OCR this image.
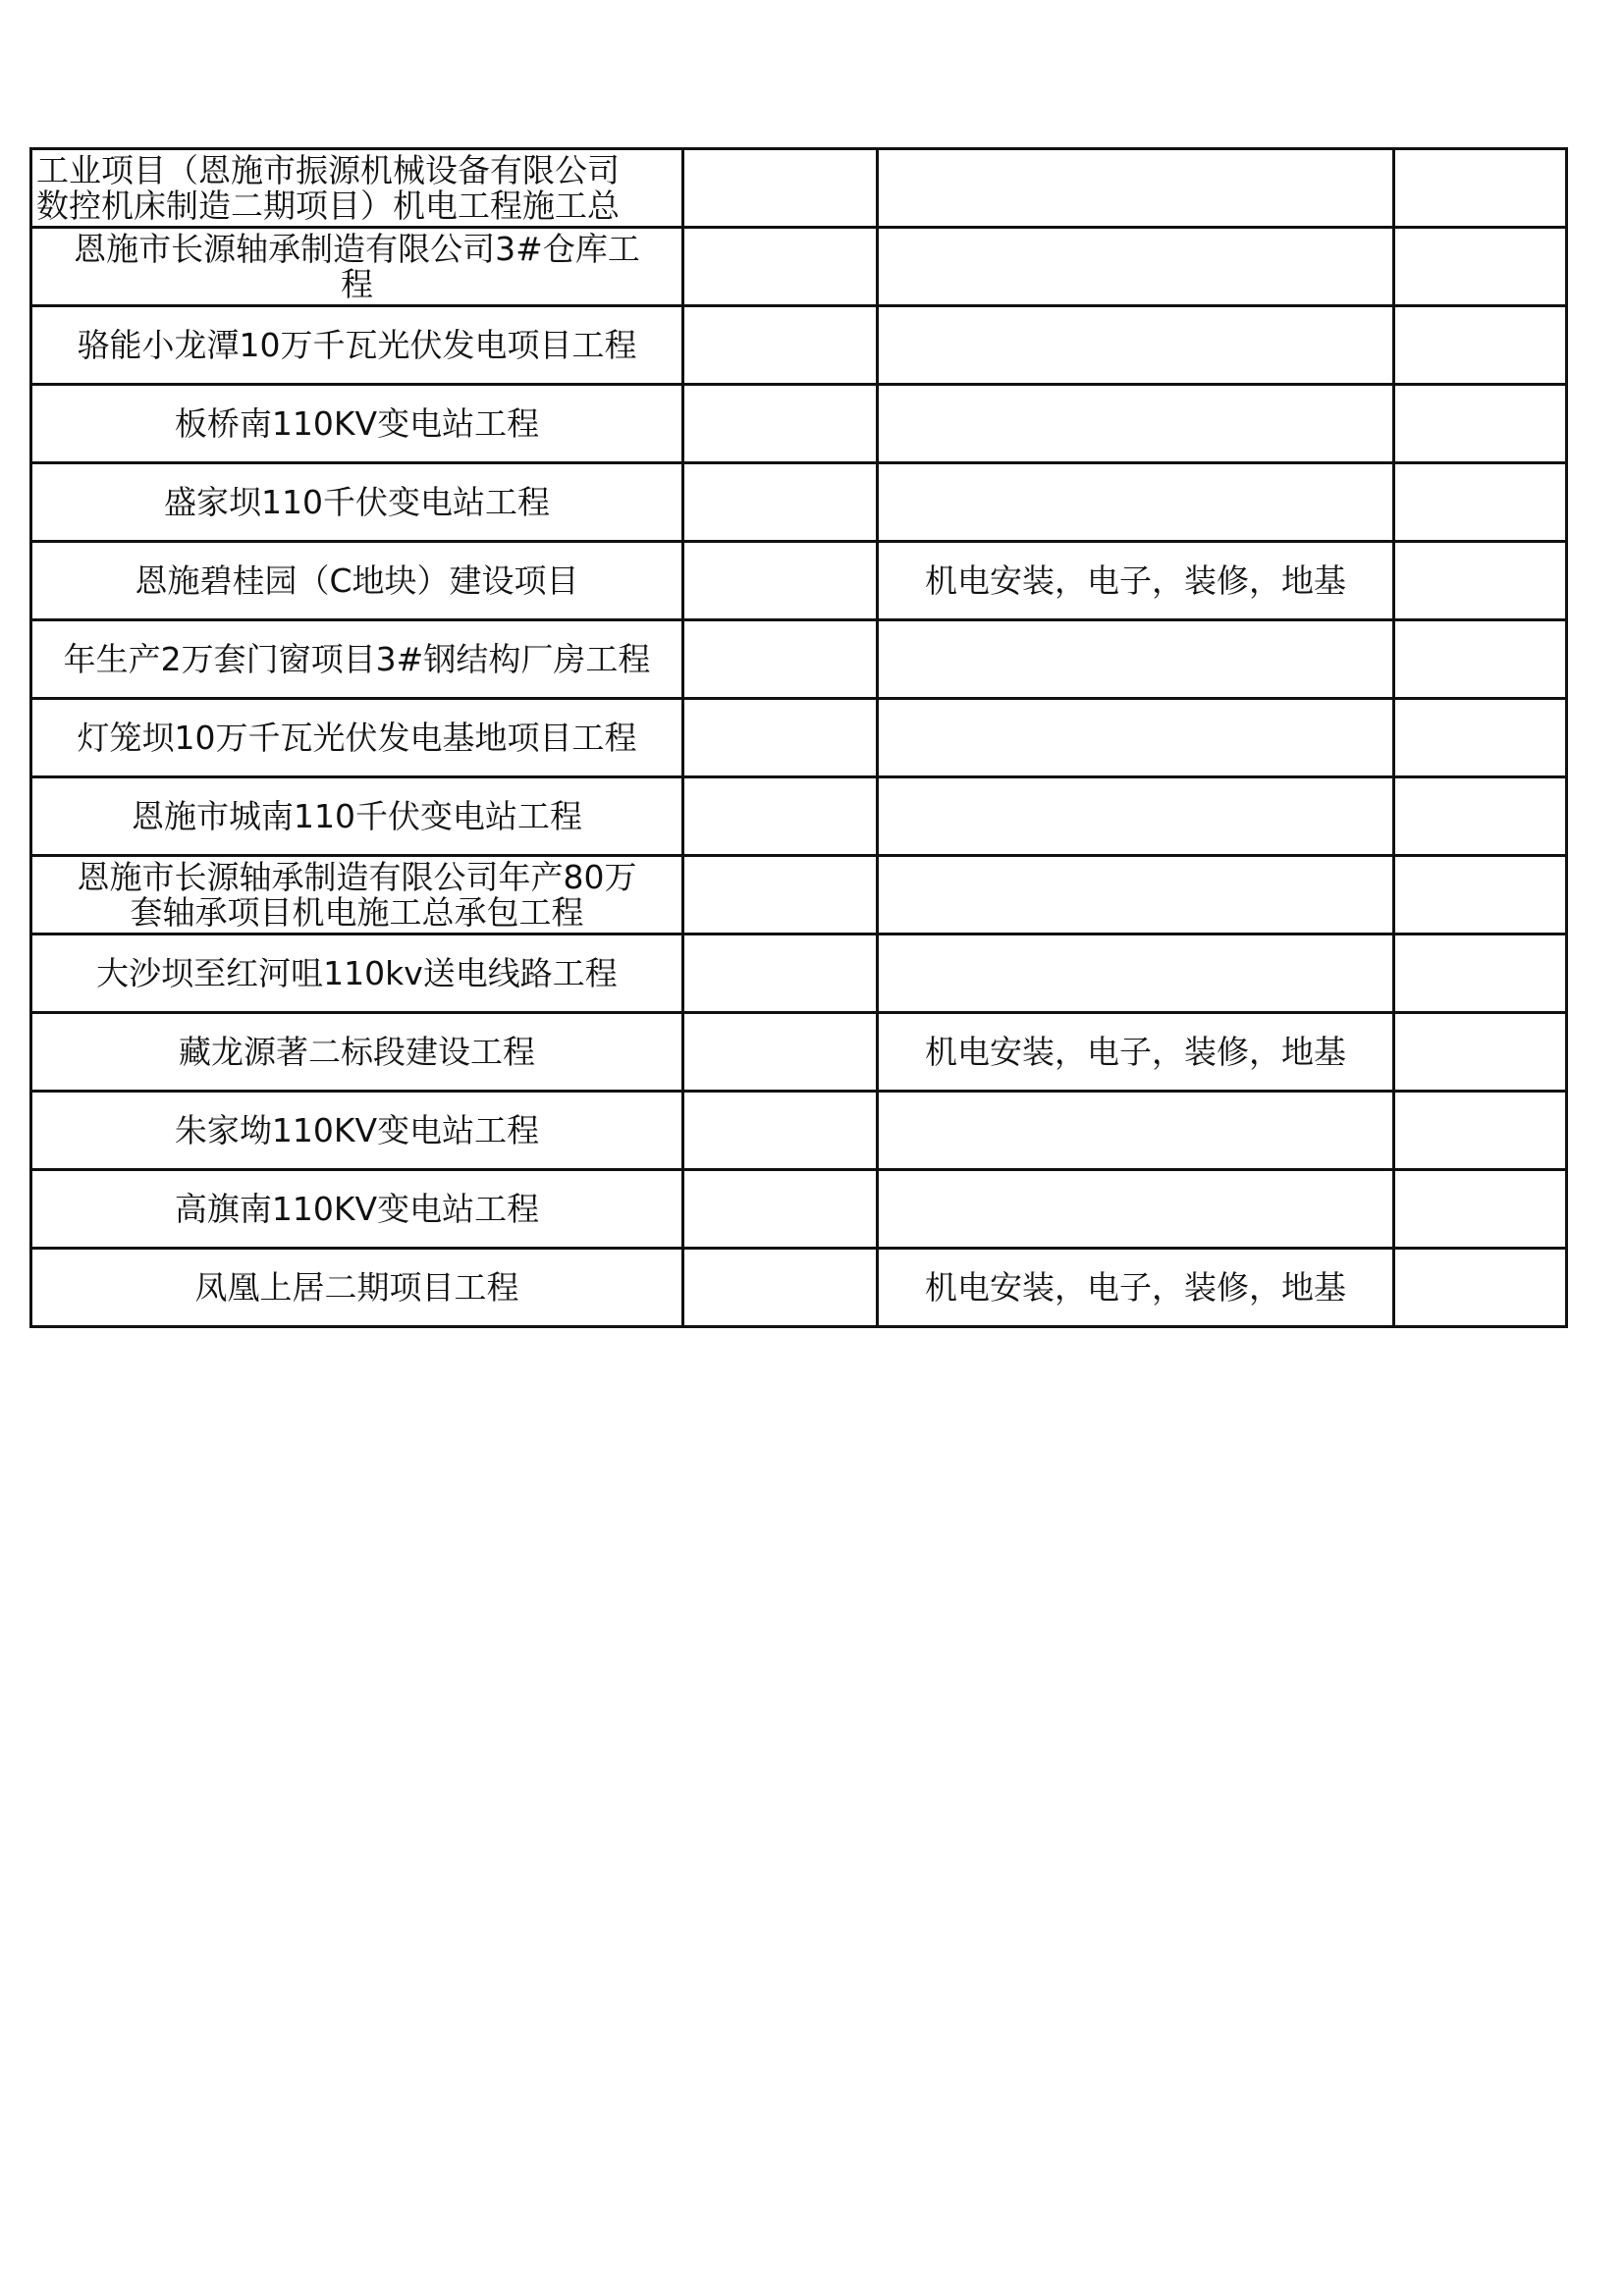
工业项目（恩施市振源机械设备有限公司
数控机床制造二期项目）机电工程施工总			

恩施市长源轴承制造有限公司3#仓库工
程			

骆能小龙潭10万千瓦光伏发电项目工程			

板桥南110KV变电站工程			

盛家坝110千伏变电站工程			

恩施碧桂园（C地块）建设项目		机电安装，电子，装修，地基	

年生产2万套门窗项目3#钢结构厂房工程			

灯笼坝10万千瓦光伏发电基地项目工程			

恩施市城南110千伏变电站工程			

恩施市长源轴承制造有限公司年产80万
套轴承项目机电施工总承包工程			

大沙坝至红河咀110kv送电线路工程			

藏龙源著二标段建设工程		机电安装，电子，装修，地基	

朱家坳110KV变电站工程			

高旗南110KV变电站工程			

凤凰上居二期项目工程		机电安装，电子，装修，地基	
